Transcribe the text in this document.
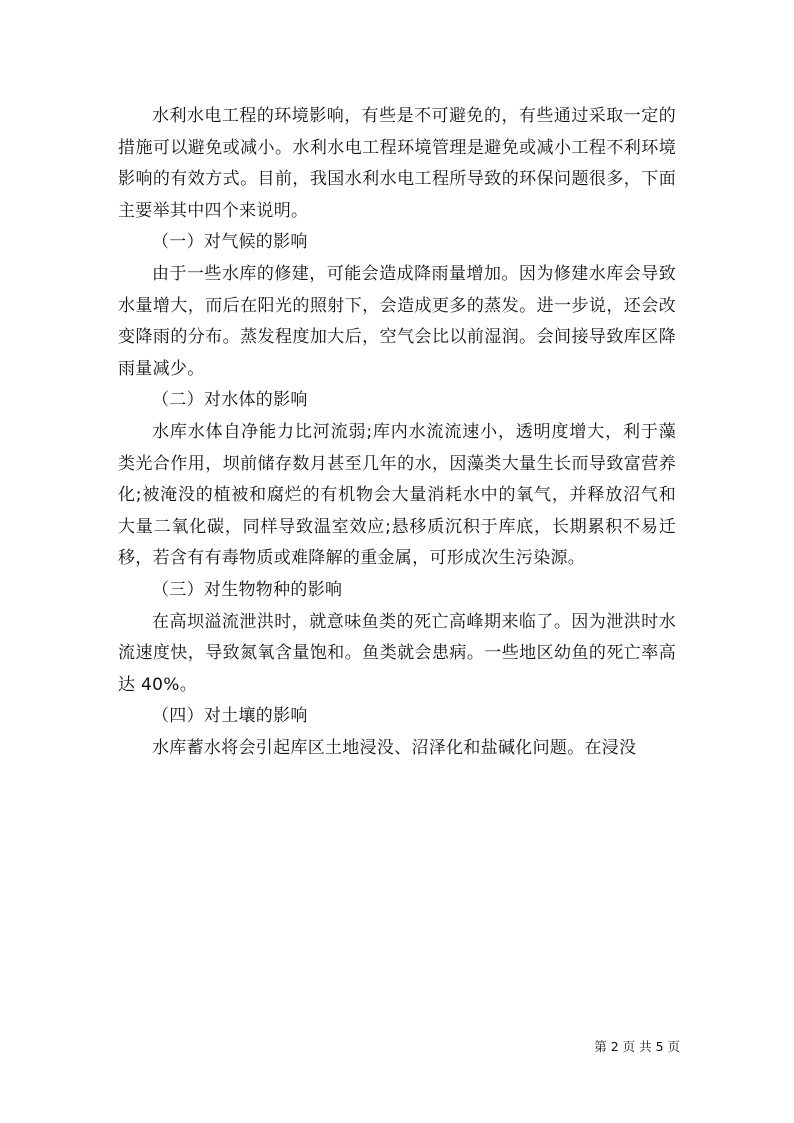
水利水电工程的环境影响，有些是不可避免的，有些通过采取一定的措施可以避免或减小。水利水电工程环境管理是避免或减小工程不利环境影响的有效方式。目前，我国水利水电工程所导致的环保问题很多，下面主要举其中四个来说明。

（一）对气候的影响

由于一些水库的修建，可能会造成降雨量增加。因为修建水库会导致水量增大，而后在阳光的照射下，会造成更多的蒸发。进一步说，还会改变降雨的分布。蒸发程度加大后，空气会比以前湿润。会间接导致库区降雨量减少。

（二）对水体的影响

水库水体自净能力比河流弱;库内水流流速小，透明度增大，利于藻类光合作用，坝前储存数月甚至几年的水，因藻类大量生长而导致富营养化;被淹没的植被和腐烂的有机物会大量消耗水中的氧气，并释放沼气和大量二氧化碳，同样导致温室效应;悬移质沉积于库底，长期累积不易迁移，若含有有毒物质或难降解的重金属，可形成次生污染源。

（三）对生物物种的影响

在高坝溢流泄洪时，就意味鱼类的死亡高峰期来临了。因为泄洪时水流速度快，导致氮氧含量饱和。鱼类就会患病。一些地区幼鱼的死亡率高达 40%。

（四）对土壤的影响

水库蓄水将会引起库区土地浸没、沼泽化和盐碱化问题。在浸没

第 2 页 共 5 页
